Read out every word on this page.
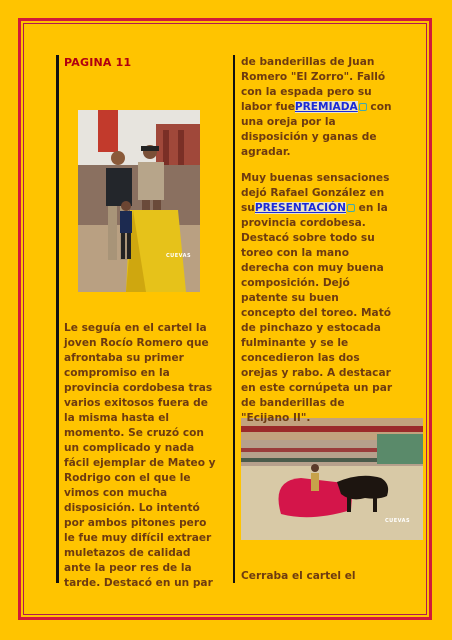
PAGINA 11
CUEVAS
CUEVAS
Le seguía en el cartel la
joven Rocío Romero que
afrontaba su primer
compromiso en la
provincia cordobesa tras
varios exitosos fuera de
la misma hasta el
momento. Se cruzó con
un complicado y nada
fácil ejemplar de Mateo y
Rodrigo con el que le
vimos con mucha
disposición. Lo intentó
por ambos pitones pero
le fue muy difícil extraer
muletazos de calidad
ante la peor res de la
tarde. Destacó en un par
de banderillas de Juan
Romero "El Zorro". Falló
con la espada pero su
labor fuePREMIADA con
una oreja por la
disposición y ganas de
agradar.
Muy buenas sensaciones
dejó Rafael González en
suPRESENTACIÓN en la
provincia cordobesa.
Destacó sobre todo su
toreo con la mano
derecha con muy buena
composición. Dejó
patente su buen
concepto del toreo. Mató
de pinchazo y estocada
fulminante y se le
concedieron las dos
orejas y rabo. A destacar
en este cornúpeta un par
de banderillas de
"Ecijano II".
Cerraba el cartel el
